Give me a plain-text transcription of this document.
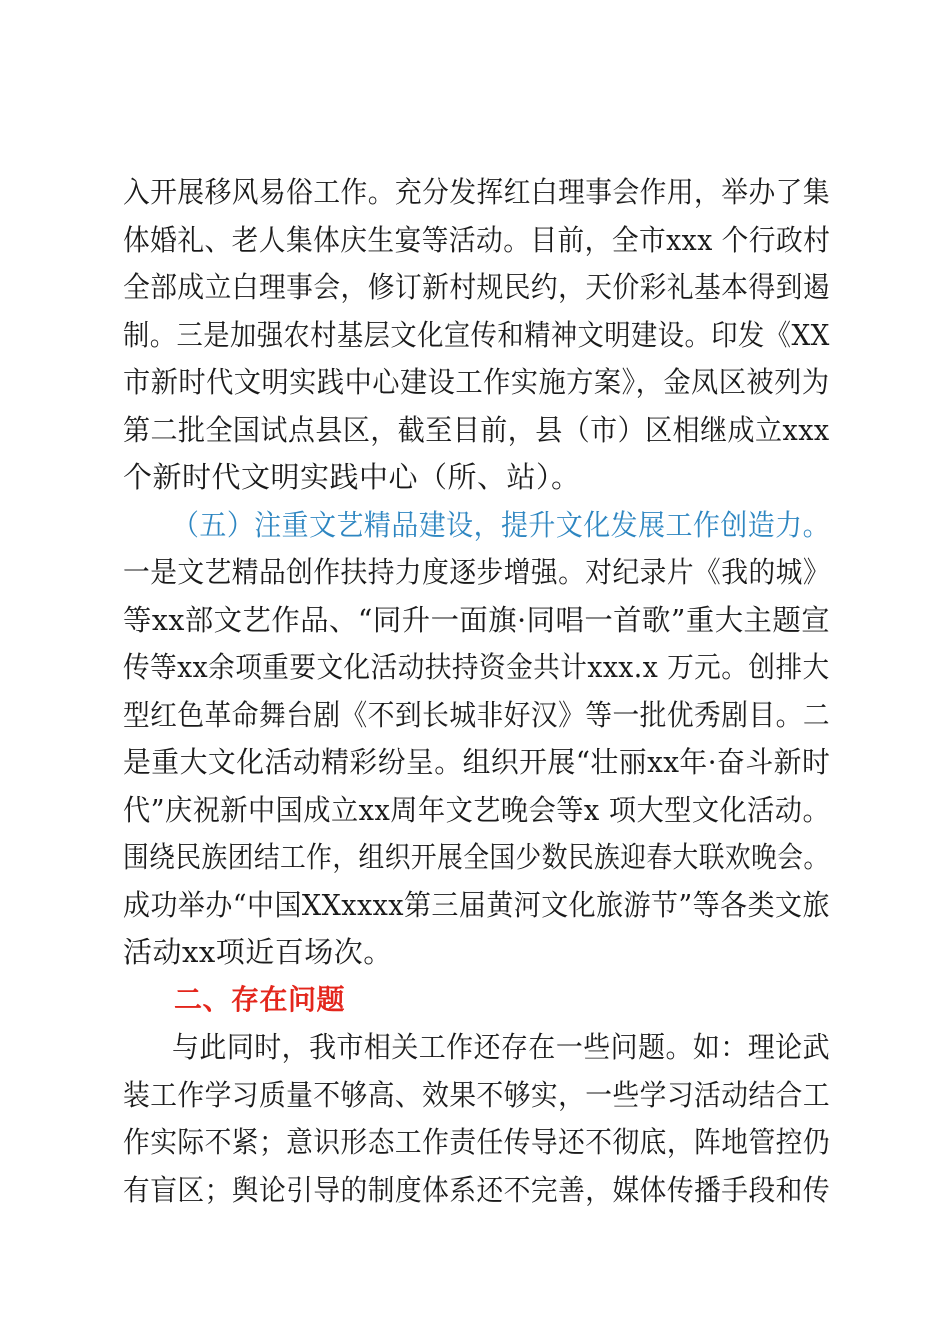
入开展移风易俗工作。充分发挥红白理事会作用，举办了集
体婚礼、老人集体庆生宴等活动。目前，全市xxx 个行政村
全部成立白理事会，修订新村规民约，天价彩礼基本得到遏
制。三是加强农村基层文化宣传和精神文明建设。印发《XX
市新时代文明实践中心建设工作实施方案》，金凤区被列为
第二批全国试点县区，截至目前，县（市）区相继成立xxx
个新时代文明实践中心（所、站）。
（五）注重文艺精品建设，提升文化发展工作创造力。
一是文艺精品创作扶持力度逐步增强。对纪录片《我的城》
等xx部文艺作品、“同升一面旗·同唱一首歌”重大主题宣
传等xx余项重要文化活动扶持资金共计xxx.x 万元。创排大
型红色革命舞台剧《不到长城非好汉》等一批优秀剧目。二
是重大文化活动精彩纷呈。组织开展“壮丽xx年·奋斗新时
代”庆祝新中国成立xx周年文艺晚会等x 项大型文化活动。
围绕民族团结工作，组织开展全国少数民族迎春大联欢晚会。
成功举办“中国XXxxxx第三届黄河文化旅游节”等各类文旅
活动xx项近百场次。
二、存在问题
与此同时，我市相关工作还存在一些问题。如：理论武
装工作学习质量不够高、效果不够实，一些学习活动结合工
作实际不紧；意识形态工作责任传导还不彻底，阵地管控仍
有盲区；舆论引导的制度体系还不完善，媒体传播手段和传
